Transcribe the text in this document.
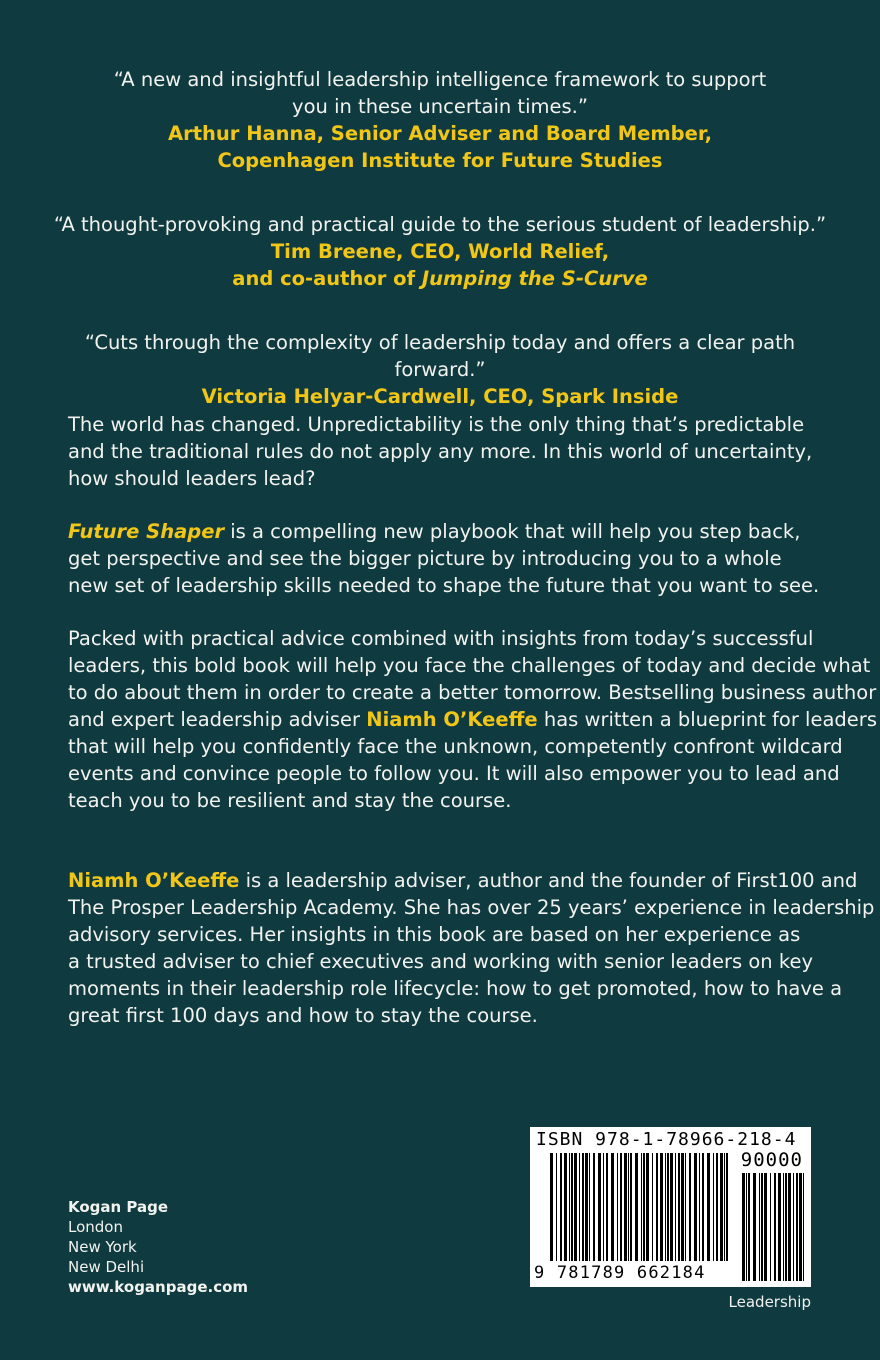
“A new and insightful leadership intelligence framework to support
you in these uncertain times.”
Arthur Hanna, Senior Adviser and Board Member,
Copenhagen Institute for Future Studies
“A thought-provoking and practical guide to the serious student of leadership.”
Tim Breene, CEO, World Relief,
and co-author of Jumping the S-Curve
“Cuts through the complexity of leadership today and offers a clear path forward.”
Victoria Helyar-Cardwell, CEO, Spark Inside

The world has changed. Unpredictability is the only thing that’s predictable
and the traditional rules do not apply any more. In this world of uncertainty,
how should leaders lead?

Future Shaper is a compelling new playbook that will help you step back,
get perspective and see the bigger picture by introducing you to a whole
new set of leadership skills needed to shape the future that you want to see.

Packed with practical advice combined with insights from today’s successful
leaders, this bold book will help you face the challenges of today and decide what
to do about them in order to create a better tomorrow. Bestselling business author
and expert leadership adviser Niamh O’Keeffe has written a blueprint for leaders
that will help you confidently face the unknown, competently confront wildcard
events and convince people to follow you. It will also empower you to lead and
teach you to be resilient and stay the course.

Niamh O’Keeffe is a leadership adviser, author and the founder of First100 and
The Prosper Leadership Academy. She has over 25 years’ experience in leadership
advisory services. Her insights in this book are based on her experience as
a trusted adviser to chief executives and working with senior leaders on key
moments in their leadership role lifecycle: how to get promoted, how to have a
great first 100 days and how to stay the course.

Kogan Page
London
New York
New Delhi
www.koganpage.com
ISBN 978-1-78966-218-4
90000
9 781789 662184
Leadership
